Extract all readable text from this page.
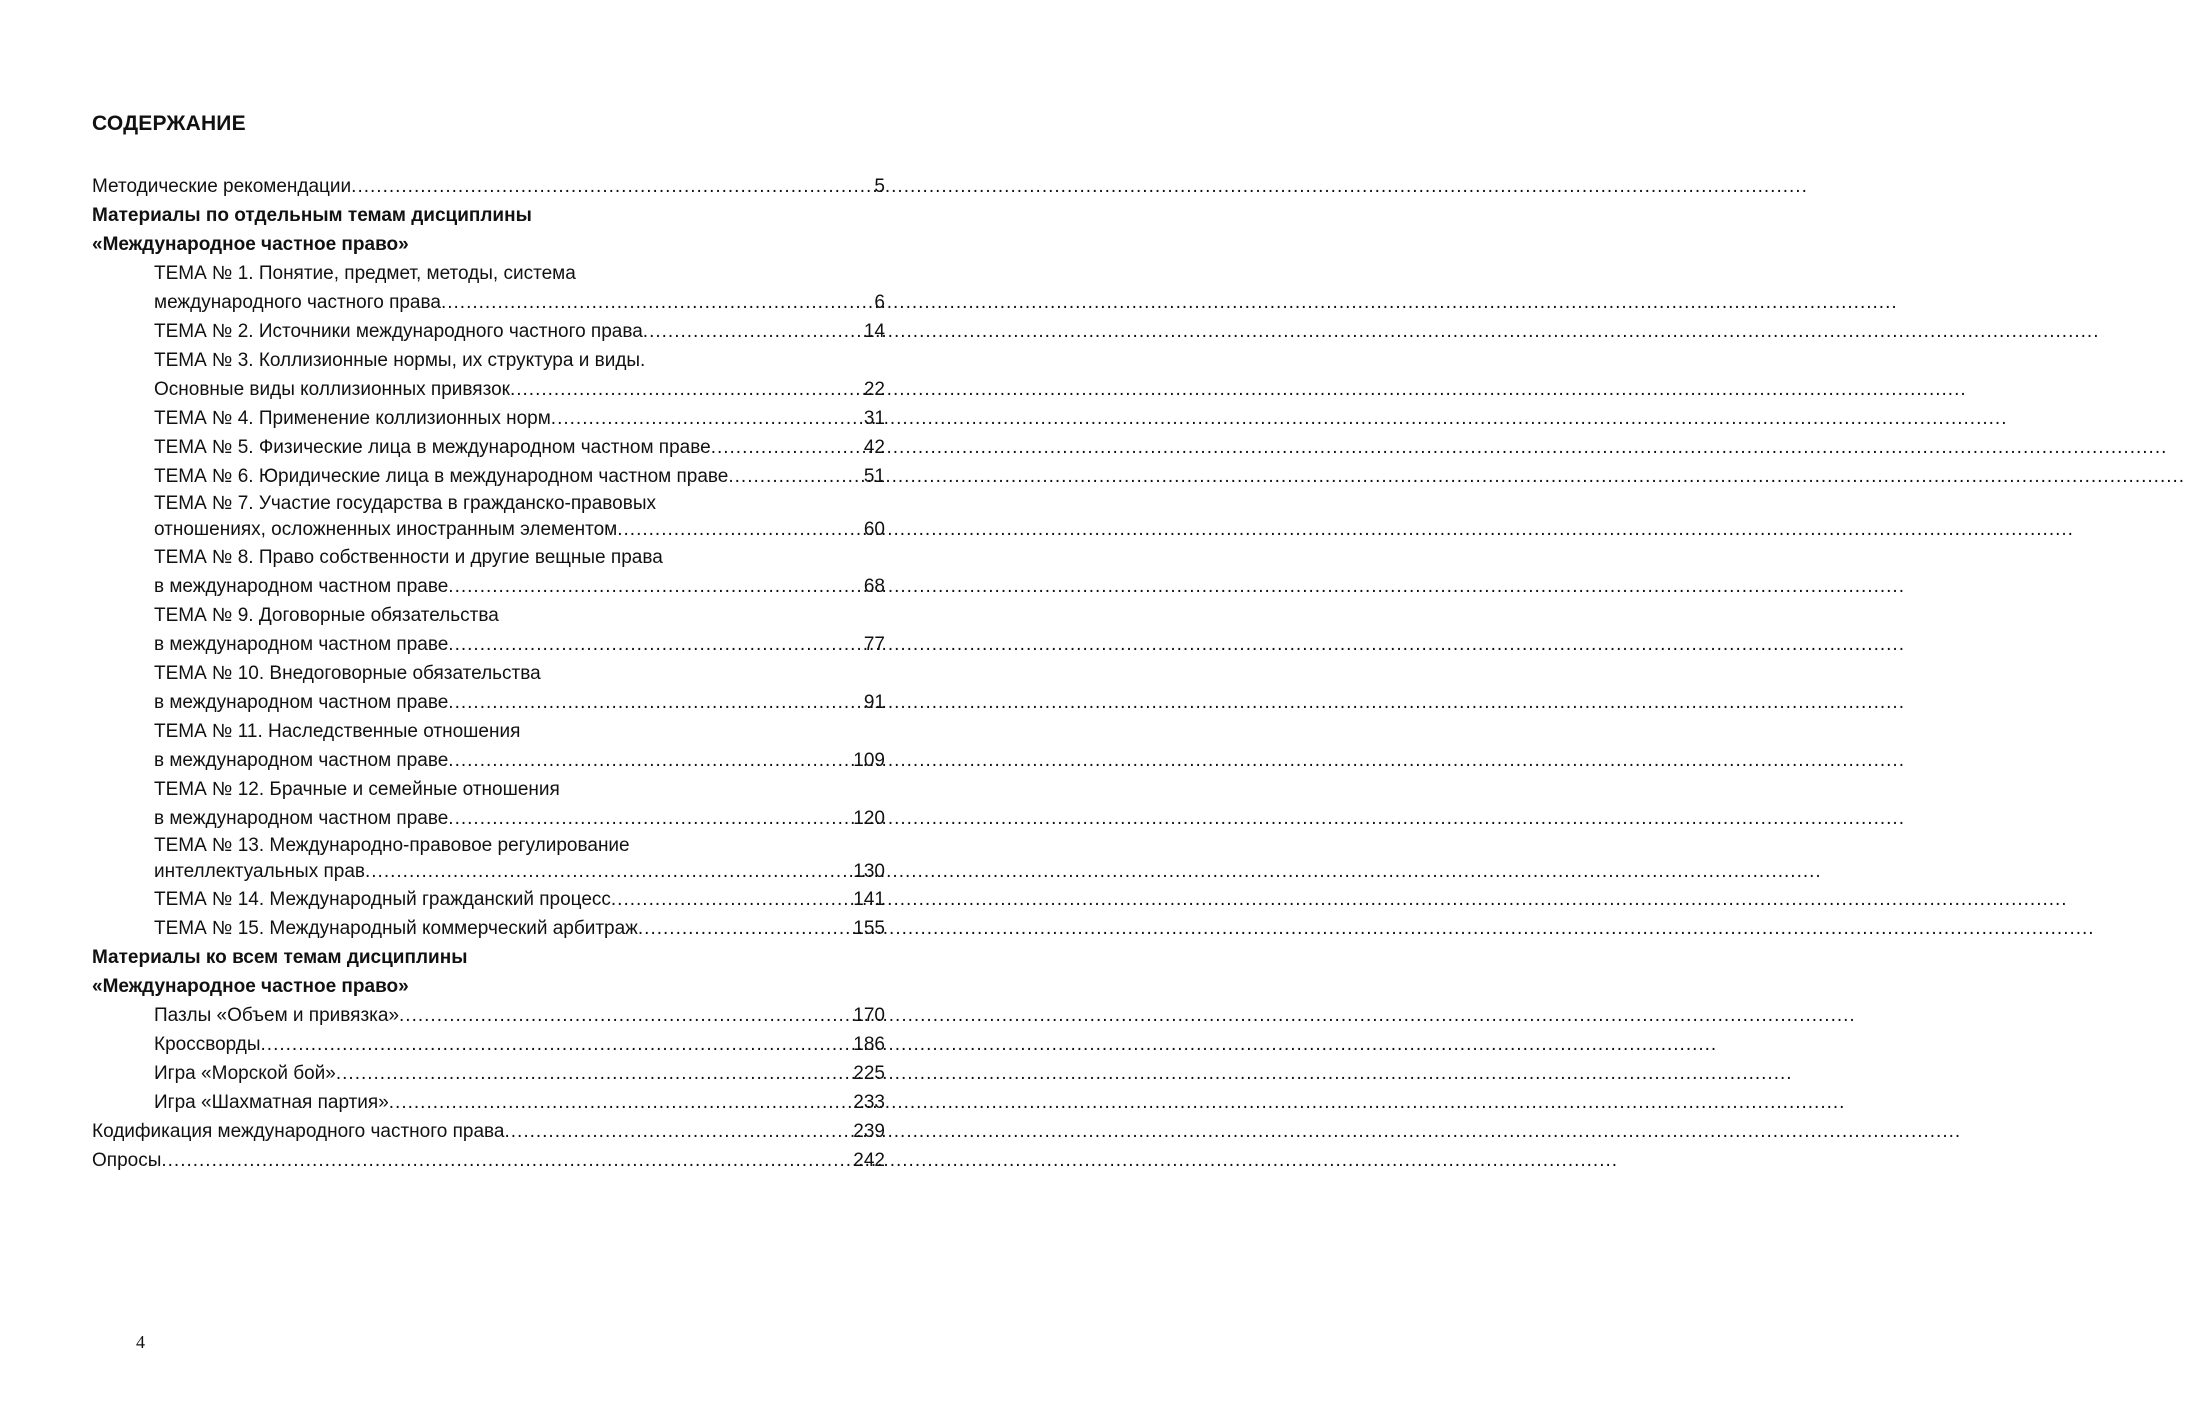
СОДЕРЖАНИЕ
Методические рекомендации .....	5
Материалы по отдельным темам дисциплины
«Международное частное право»
ТЕМА № 1. Понятие, предмет, методы, система
международного частного права .....	6
ТЕМА № 2. Источники международного частного права .....	14
ТЕМА № 3. Коллизионные нормы, их структура и виды.
Основные виды коллизионных привязок .....	22
ТЕМА № 4. Применение коллизионных норм .....	31
ТЕМА № 5. Физические лица в международном частном праве .....	42
ТЕМА № 6. Юридические лица в международном частном праве .....	51
ТЕМА № 7. Участие государства в гражданско-правовых
отношениях, осложненных иностранным элементом .....	60
ТЕМА № 8. Право собственности и другие вещные права
в международном частном праве .....	68
ТЕМА № 9. Договорные обязательства
в международном частном праве .....	77
ТЕМА № 10. Внедоговорные обязательства
в международном частном праве .....	91
ТЕМА № 11. Наследственные отношения
в международном частном праве .....	109
ТЕМА № 12. Брачные и семейные отношения
в международном частном праве .....	120
ТЕМА № 13. Международно-правовое регулирование
интеллектуальных прав .....	130
ТЕМА № 14. Международный гражданский процесс .....	141
ТЕМА № 15. Международный коммерческий арбитраж .....	155
Материалы ко всем темам дисциплины
«Международное частное право»
Пазлы «Объем и привязка» .....	170
Кроссворды .....	186
Игра «Морской бой» .....	225
Игра «Шахматная партия» .....	233
Кодификация международного частного права .....	239
Опросы .....	242
4
